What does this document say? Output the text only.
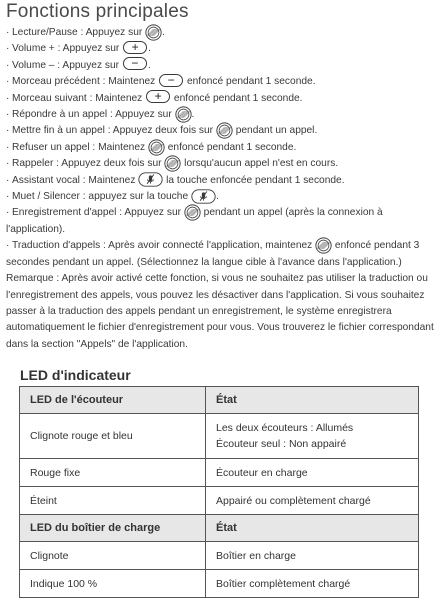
Fonctions principales
· Lecture/Pause : Appuyez sur .
· Volume + : Appuyez sur + .
· Volume – : Appuyez sur − .
· Morceau précédent : Maintenez − enfoncé pendant 1 seconde.
· Morceau suivant : Maintenez + enfoncé pendant 1 seconde.
· Répondre à un appel : Appuyez sur .
· Mettre fin à un appel : Appuyez deux fois sur  pendant un appel.
· Refuser un appel : Maintenez  enfoncé pendant 1 seconde.
· Rappeler : Appuyez deux fois sur  lorsqu'aucun appel n'est en cours.
· Assistant vocal : Maintenez  la touche enfoncée pendant 1 seconde.
· Muet / Silencer : appuyez sur la touche .
· Enregistrement d'appel : Appuyez sur  pendant un appel (après la connexion à l'application).
· Traduction d'appels : Après avoir connecté l'application, maintenez  enfoncé pendant 3 secondes pendant un appel. (Sélectionnez la langue cible à l'avance dans l'application.)
Remarque : Après avoir activé cette fonction, si vous ne souhaitez pas utiliser la traduction ou l'enregistrement des appels, vous pouvez les désactiver dans l'application. Si vous souhaitez passer à la traduction des appels pendant un enregistrement, le système enregistrera automatiquement le fichier d'enregistrement pour vous. Vous trouverez le fichier correspondant dans la section "Appels" de l'application.
LED d'indicateur
LED de l'écouteur	État
Clignote rouge et bleu	Les deux écouteurs : Allumés
Écouteur seul : Non appairé

Rouge fixe	Écouteur en charge

Éteint	Appairé ou complètement chargé

LED du boîtier de charge	État
Clignote	Boîtier en charge

Indique 100 %	Boîtier complètement chargé
